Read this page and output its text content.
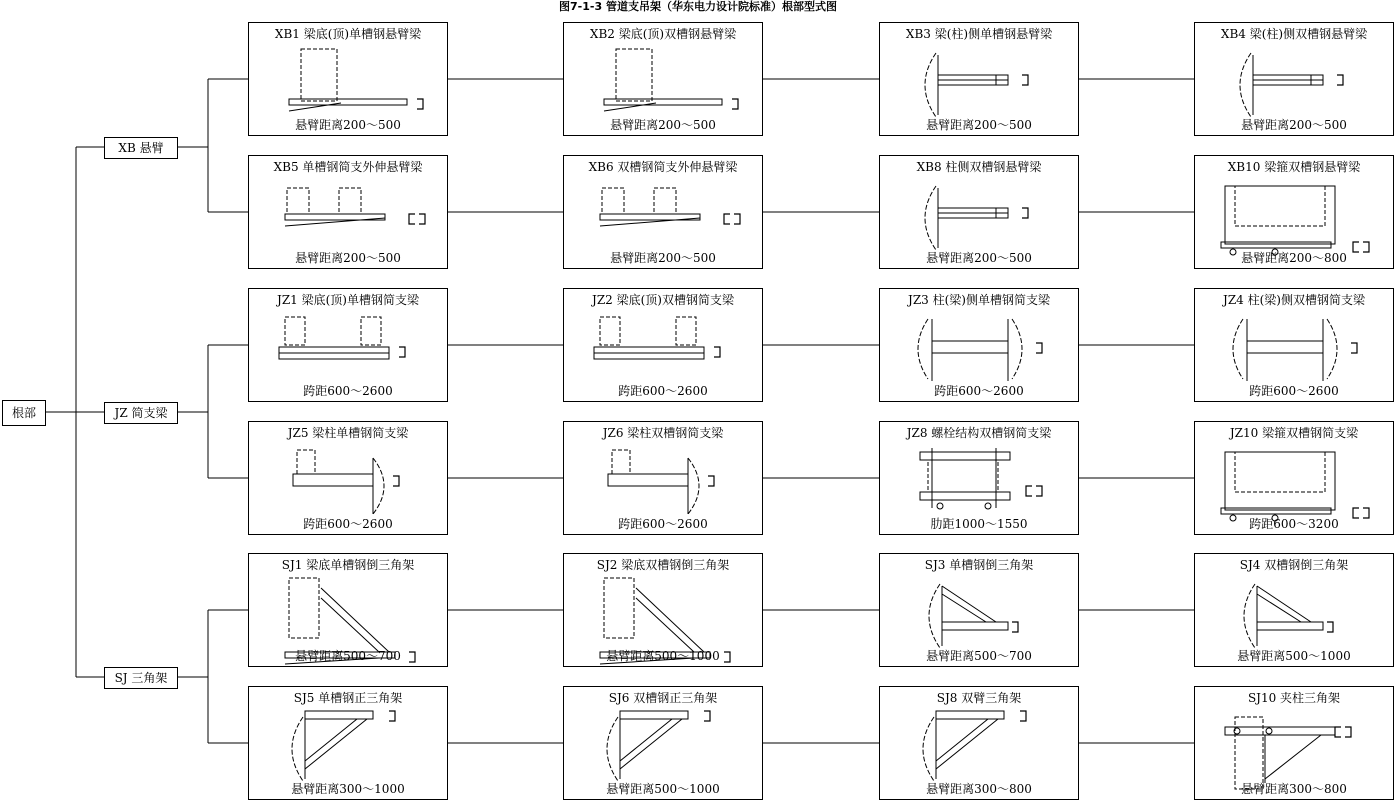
图7-1-3 管道支吊架（华东电力设计院标准）根部型式图
根部
XB1 梁底(顶)单槽钢悬臂梁
悬臂距离200～500
XB2 梁底(顶)双槽钢悬臂梁
悬臂距离200～500
XB3 梁(柱)侧单槽钢悬臂梁
悬臂距离200～500
XB4 梁(柱)侧双槽钢悬臂梁
悬臂距离200～500
XB5 单槽钢简支外伸悬臂梁
悬臂距离200～500
XB6 双槽钢简支外伸悬臂梁
悬臂距离200～500
XB8 柱侧双槽钢悬臂梁
悬臂距离200～500
XB10 梁箍双槽钢悬臂梁
悬臂距离200～800
JZ1 梁底(顶)单槽钢简支梁
跨距600～2600
JZ2 梁底(顶)双槽钢简支梁
跨距600～2600
JZ3 柱(梁)侧单槽钢简支梁
跨距600～2600
JZ4 柱(梁)侧双槽钢简支梁
跨距600～2600
JZ5 梁柱单槽钢简支梁
跨距600～2600
JZ6 梁柱双槽钢简支梁
跨距600～2600
JZ8 螺栓结构双槽钢简支梁
肋距1000～1550
JZ10 梁箍双槽钢简支梁
跨距600～3200
SJ1 梁底单槽钢倒三角架
悬臂距离500～700
SJ2 梁底双槽钢倒三角架
悬臂距离500～1000
SJ3 单槽钢倒三角架
悬臂距离500～700
SJ4 双槽钢倒三角架
悬臂距离500～1000
SJ5 单槽钢正三角架
悬臂距离300～1000
SJ6 双槽钢正三角架
悬臂距离500～1000
SJ8 双臂三角架
悬臂距离300～800
SJ10 夹柱三角架
悬臂距离300～800
XB 悬臂
JZ 简支梁
SJ 三角架
